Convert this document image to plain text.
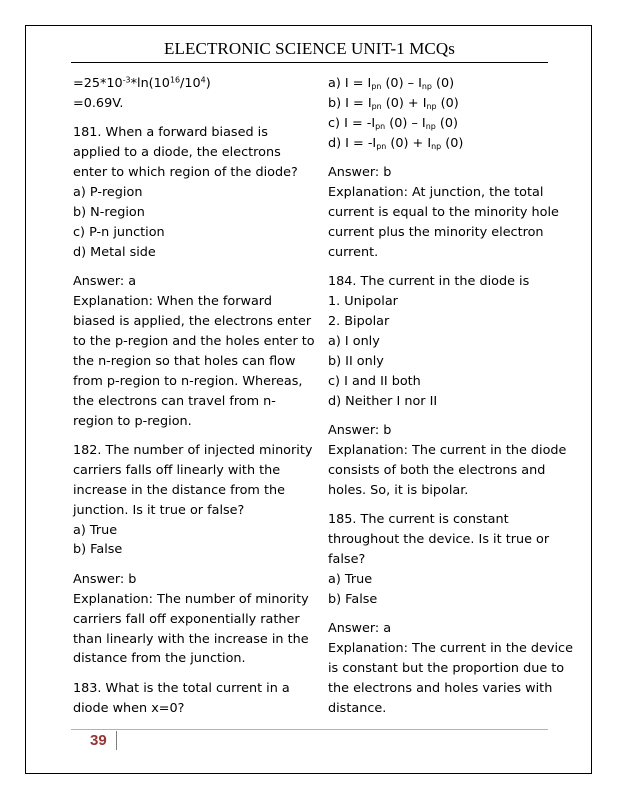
ELECTRONIC SCIENCE UNIT-1 MCQs
$=25*10^{-3}*\ln(10^{16}/10^4)$
=0.69V.
181. When a forward biased is
applied to a diode, the electrons
enter to which region of the diode?
a) P-region
b) N-region
c) P-n junction
d) Metal side
Answer: a
Explanation: When the forward
biased is applied, the electrons enter
to the p-region and the holes enter to
the n-region so that holes can flow
from p-region to n-region. Whereas,
the electrons can travel from n-
region to p-region.
182. The number of injected minority
carriers falls off linearly with the
increase in the distance from the
junction. Is it true or false?
a) True
b) False
Answer: b
Explanation: The number of minority
carriers fall off exponentially rather
than linearly with the increase in the
distance from the junction.
183. What is the total current in a
diode when x=0?
a) $I = I_{pn}$ $(0) - I_{np}$ (0)
b) $I = I_{pn}$ $(0) + I_{np}$ (0)
c) $I = -I_{pn}$ $(0) - I_{np}$ (0)
d) $I = -I_{pn}$ $(0) + I_{np}$ (0)
Answer: b
Explanation: At junction, the total
current is equal to the minority hole
current plus the minority electron
current.
184. The current in the diode is
1. Unipolar
2. Bipolar
a) I only
b) II only
c) I and II both
d) Neither I nor II
Answer: b
Explanation: The current in the diode
consists of both the electrons and
holes. So, it is bipolar.
185. The current is constant
throughout the device. Is it true or
false?
a) True
b) False
Answer: a
Explanation: The current in the device
is constant but the proportion due to
the electrons and holes varies with
distance.
39
